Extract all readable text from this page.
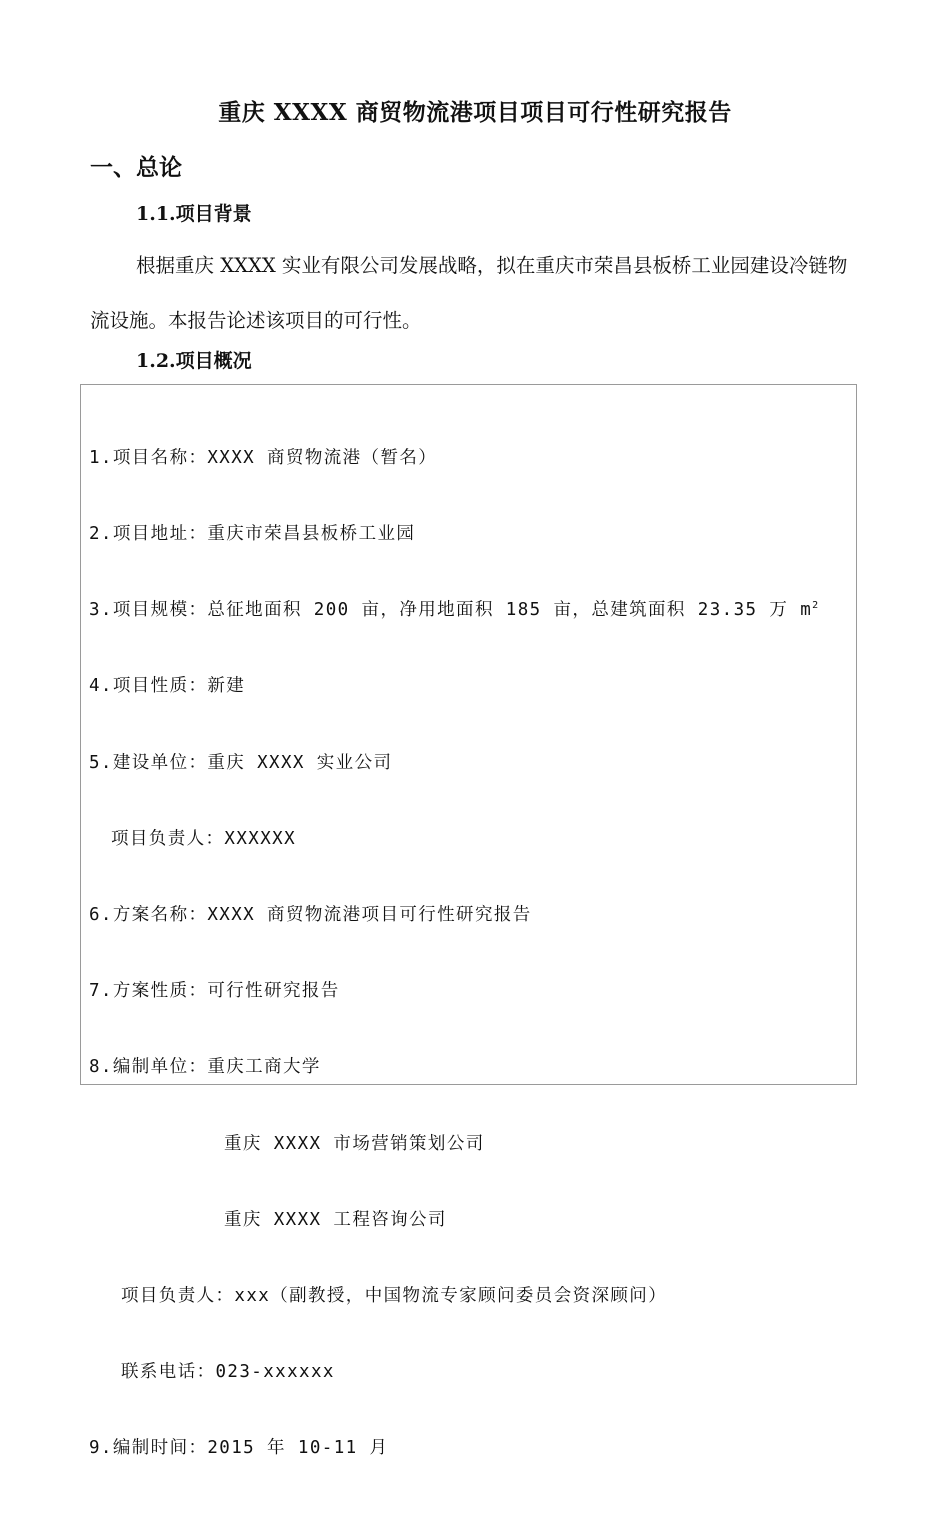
重庆 XXXX 商贸物流港项目项目可行性研究报告
一、总论
1.1.项目背景
根据重庆 XXXX 实业有限公司发展战略，拟在重庆市荣昌县板桥工业园建设冷链物流设施。本报告论述该项目的可行性。
1.2.项目概况

1.项目名称：XXXX 商贸物流港（暂名）

2.项目地址：重庆市荣昌县板桥工业园

3.项目规模：总征地面积 200 亩，净用地面积 185 亩，总建筑面积 23.35 万 $m^2$

4.项目性质：新建

5.建设单位：重庆 XXXX 实业公司

项目负责人：XXXXXX

6.方案名称：XXXX 商贸物流港项目可行性研究报告

7.方案性质：可行性研究报告

8.编制单位：重庆工商大学

重庆 XXXX 市场营销策划公司

重庆 XXXX 工程咨询公司

项目负责人：xxx（副教授，中国物流专家顾问委员会资深顾问）

联系电话：023-xxxxxx

9.编制时间：2015 年 10-11 月
